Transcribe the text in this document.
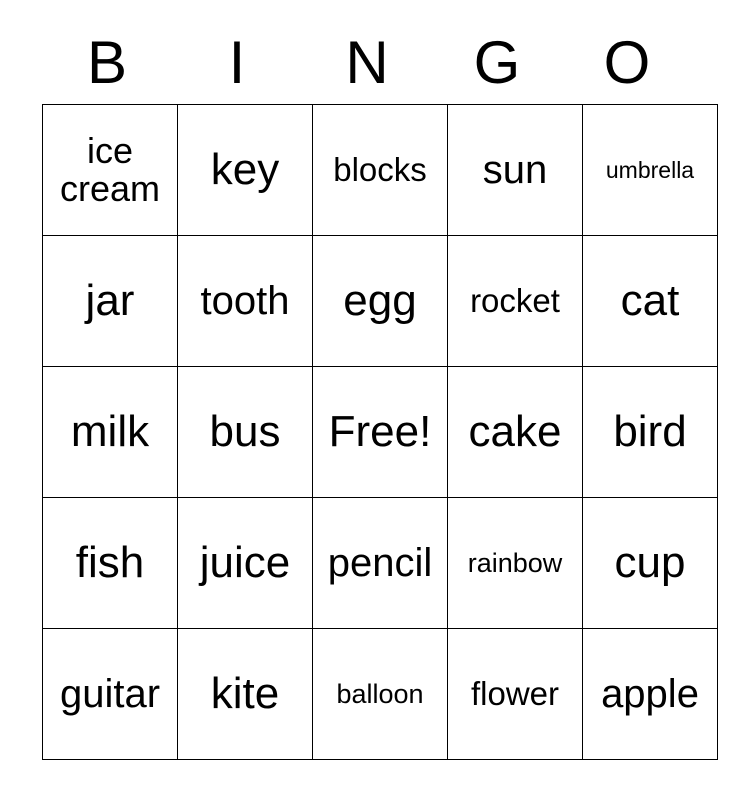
B	I	N	G	O
ice cream	key	blocks	sun	umbrella
jar	tooth	egg	rocket	cat
milk	bus	Free!	cake	bird
fish	juice	pencil	rainbow	cup
guitar	kite	balloon	flower	apple
